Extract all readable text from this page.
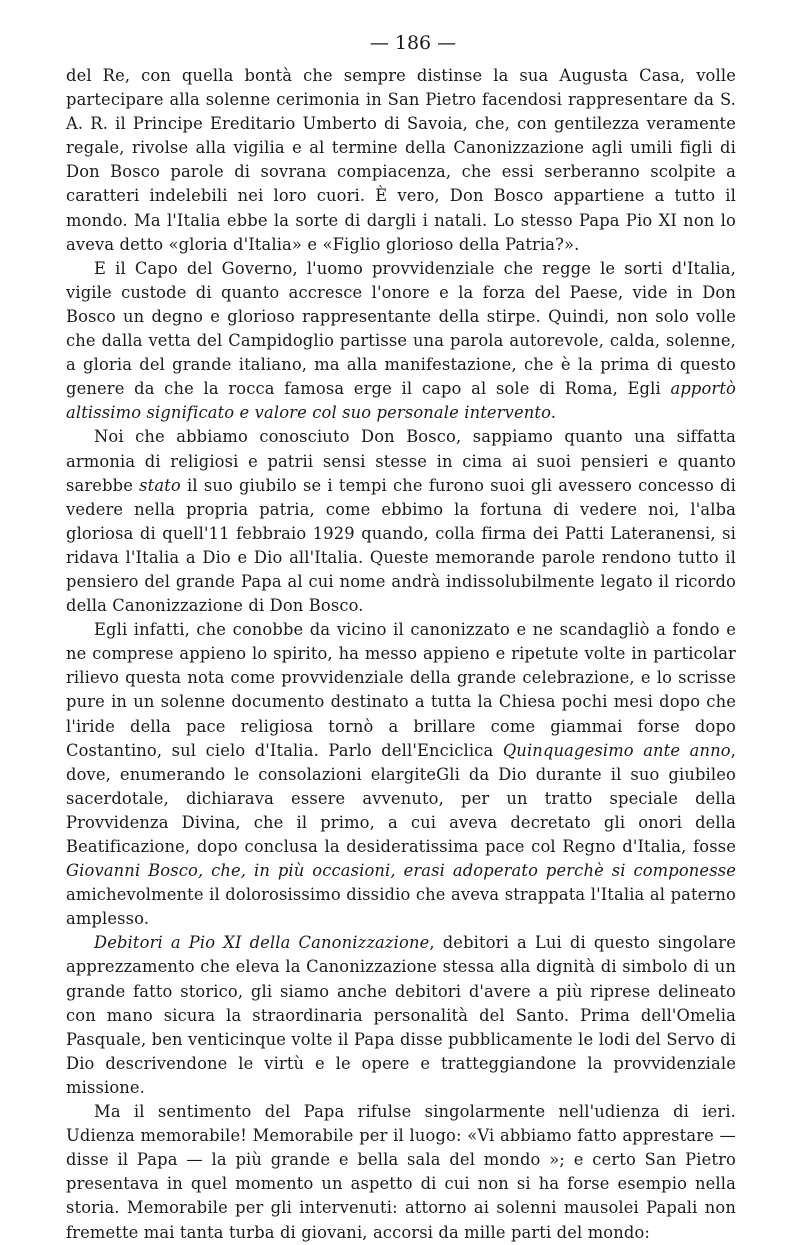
— 186 —

del Re, con quella bontà che sempre distinse la sua Augusta Casa, volle partecipare alla solenne cerimonia in San Pietro facendosi rappresentare da S. A. R. il Principe Ereditario Umberto di Savoia, che, con gentilezza veramente regale, rivolse alla vigilia e al termine della Canonizzazione agli umili figli di Don Bosco parole di sovrana compiacenza, che essi serberanno scolpite a caratteri indelebili nei loro cuori. È vero, Don Bosco appartiene a tutto il mondo. Ma l'Italia ebbe la sorte di dargli i natali. Lo stesso Papa Pio XI non lo aveva detto «gloria d'Italia» e «Figlio glorioso della Patria?».

E il Capo del Governo, l'uomo provvidenziale che regge le sorti d'Italia, vigile custode di quanto accresce l'onore e la forza del Paese, vide in Don Bosco un degno e glorioso rappresentante della stirpe. Quindi, non solo volle che dalla vetta del Campidoglio partisse una parola autorevole, calda, solenne, a gloria del grande italiano, ma alla manifestazione, che è la prima di questo genere da che la rocca famosa erge il capo al sole di Roma, Egli apportò altissimo significato e valore col suo personale intervento.

Noi che abbiamo conosciuto Don Bosco, sappiamo quanto una siffatta armonia di religiosi e patrii sensi stesse in cima ai suoi pensieri e quanto sarebbe stato il suo giubilo se i tempi che furono suoi gli avessero concesso di vedere nella propria patria, come ebbimo la fortuna di vedere noi, l'alba gloriosa di quell'11 febbraio 1929 quando, colla firma dei Patti Lateranensi, si ridava l'Italia a Dio e Dio all'Italia. Queste memorande parole rendono tutto il pensiero del grande Papa al cui nome andrà indissolubilmente legato il ricordo della Canonizzazione di Don Bosco.

Egli infatti, che conobbe da vicino il canonizzato e ne scandagliò a fondo e ne comprese appieno lo spirito, ha messo appieno e ripetute volte in particolar rilievo questa nota come provvidenziale della grande celebrazione, e lo scrisse pure in un solenne documento destinato a tutta la Chiesa pochi mesi dopo che l'iride della pace religiosa tornò a brillare come giammai forse dopo Costantino, sul cielo d'Italia. Parlo dell'Enciclica Quinquagesimo ante anno, dove, enumerando le consolazioni elargiteGli da Dio durante il suo giubileo sacerdotale, dichiarava essere avvenuto, per un tratto speciale della Provvidenza Divina, che il primo, a cui aveva decretato gli onori della Beatificazione, dopo conclusa la desideratissima pace col Regno d'Italia, fosse Giovanni Bosco, che, in più occasioni, erasi adoperato perchè si componesse amichevolmente il dolorosissimo dissidio che aveva strappata l'Italia al paterno amplesso.

Debitori a Pio XI della Canonizzazione, debitori a Lui di questo singolare apprezzamento che eleva la Canonizzazione stessa alla dignità di simbolo di un grande fatto storico, gli siamo anche debitori d'avere a più riprese delineato con mano sicura la straordinaria personalità del Santo. Prima dell'Omelia Pasquale, ben venticinque volte il Papa disse pubblicamente le lodi del Servo di Dio descrivendone le virtù e le opere e tratteggiandone la provvidenziale missione.

Ma il sentimento del Papa rifulse singolarmente nell'udienza di ieri. Udienza memorabile! Memorabile per il luogo: «Vi abbiamo fatto apprestare — disse il Papa — la più grande e bella sala del mondo »; e certo San Pietro presentava in quel momento un aspetto di cui non si ha forse esempio nella storia. Memorabile per gli intervenuti: attorno ai solenni mausolei Papali non fremette mai tanta turba di giovani, accorsi da mille parti del mondo:
